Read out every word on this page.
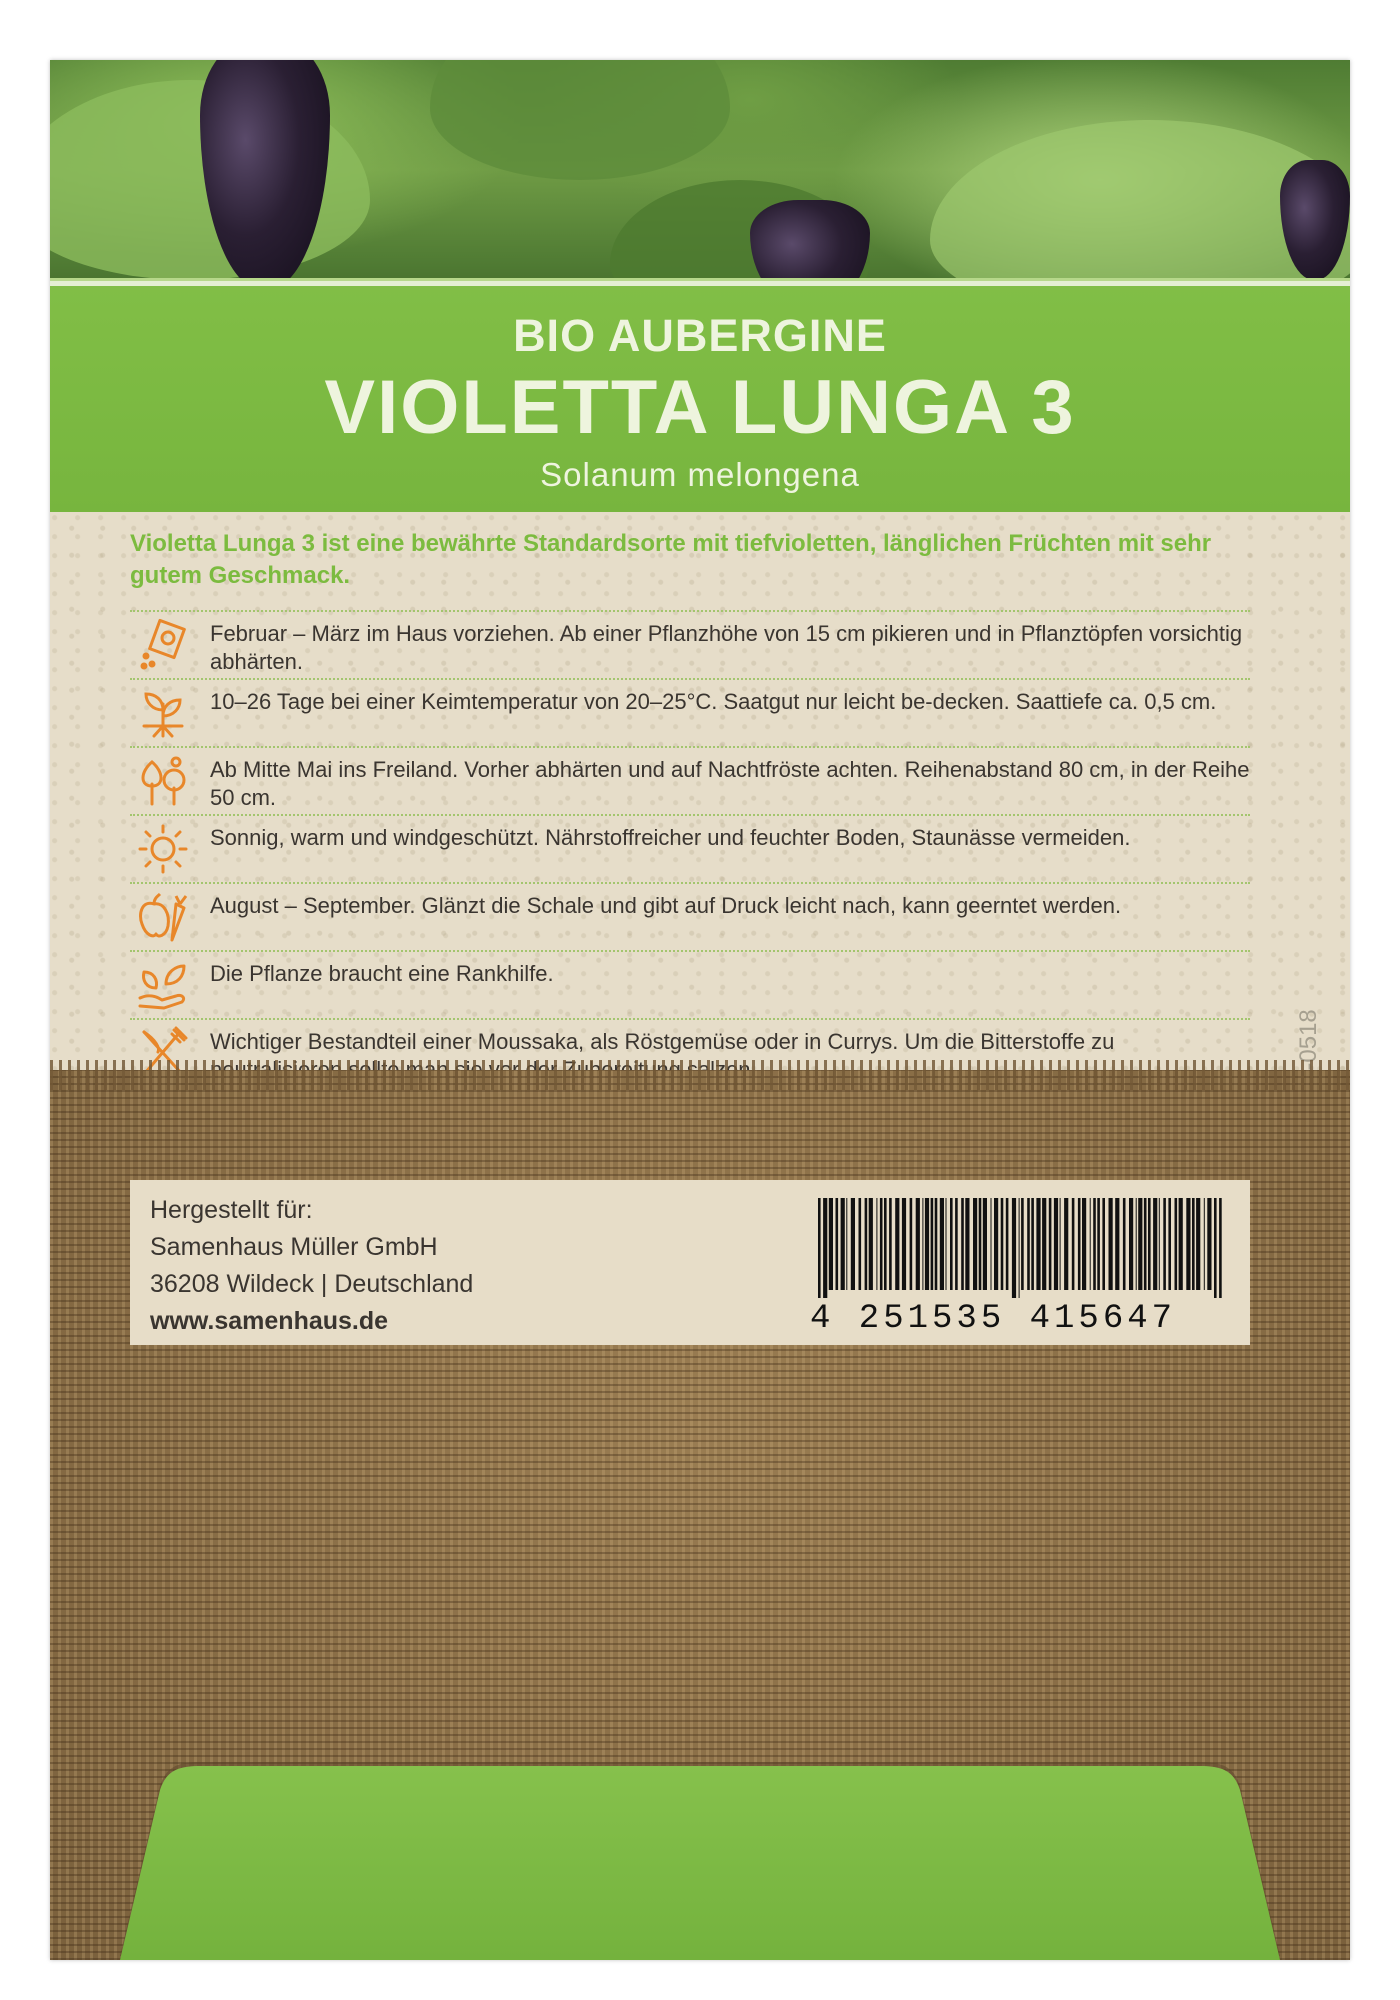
BIO AUBERGINE
VIOLETTA LUNGA 3
Solanum melongena
Violetta Lunga 3 ist eine bewährte Standardsorte mit tiefvioletten, länglichen Früchten mit sehr gutem Geschmack.
Februar – März im Haus vorziehen. Ab einer Pflanzhöhe von 15 cm pikieren und in Pflanztöpfen vorsichtig abhärten.
10–26 Tage bei einer Keimtemperatur von 20–25°C. Saatgut nur leicht be-decken. Saattiefe ca. 0,5 cm.
Ab Mitte Mai ins Freiland. Vorher abhärten und auf Nachtfröste achten. Reihenabstand 80 cm, in der Reihe 50 cm.
Sonnig, warm und windgeschützt. Nährstoffreicher und feuchter Boden, Staunässe vermeiden.
August – September. Glänzt die Schale und gibt auf Druck leicht nach, kann geerntet werden.
Die Pflanze braucht eine Rankhilfe.
Wichtiger Bestandteil einer Moussaka, als Röstgemüse oder in Currys. Um die Bitterstoffe zu
Hergestellt für:
Samenhaus Müller GmbH
36208 Wildeck | Deutschland
www.samenhaus.de	4 251535 415647
